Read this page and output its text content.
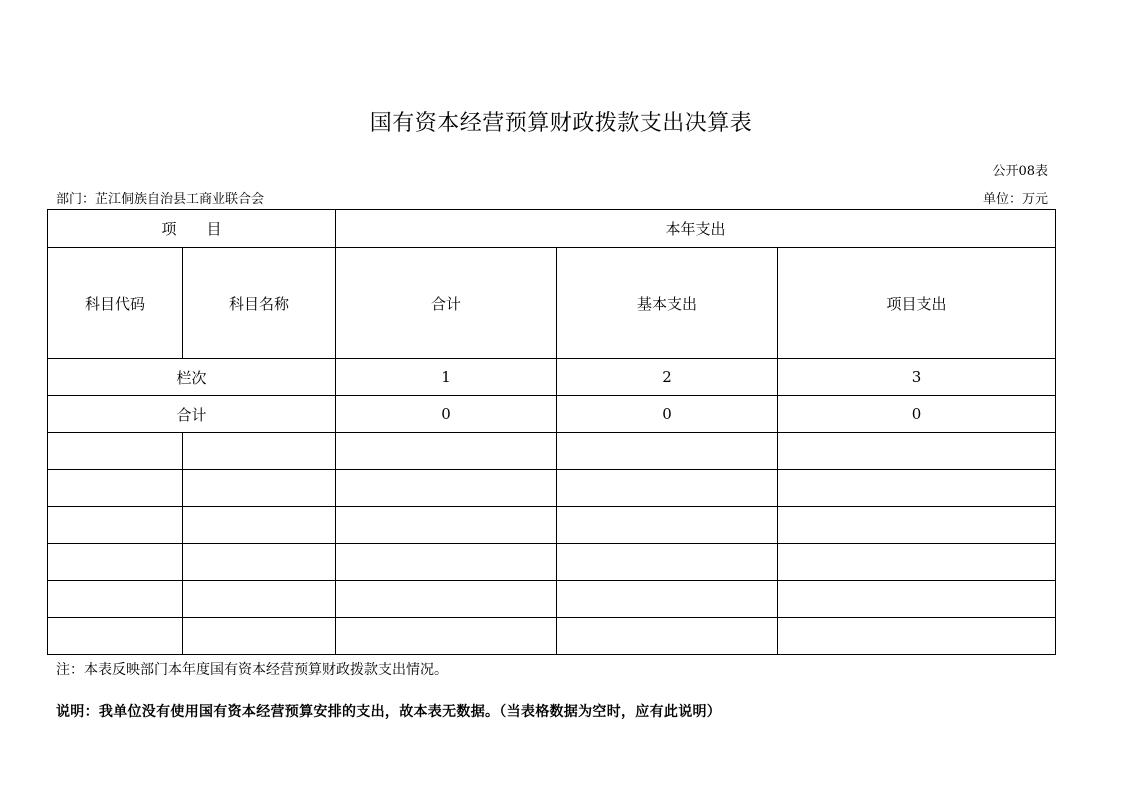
国有资本经营预算财政拨款支出决算表
公开08表
部门：芷江侗族自治县工商业联合会	单位：万元
项　　目		本年支出		
科目代码	科目名称	合计	基本支出	项目支出
栏次		1	2	3
合计		0	0	0

注：本表反映部门本年度国有资本经营预算财政拨款支出情况。
说明：我单位没有使用国有资本经营预算安排的支出，故本表无数据。（当表格数据为空时，应有此说明）
